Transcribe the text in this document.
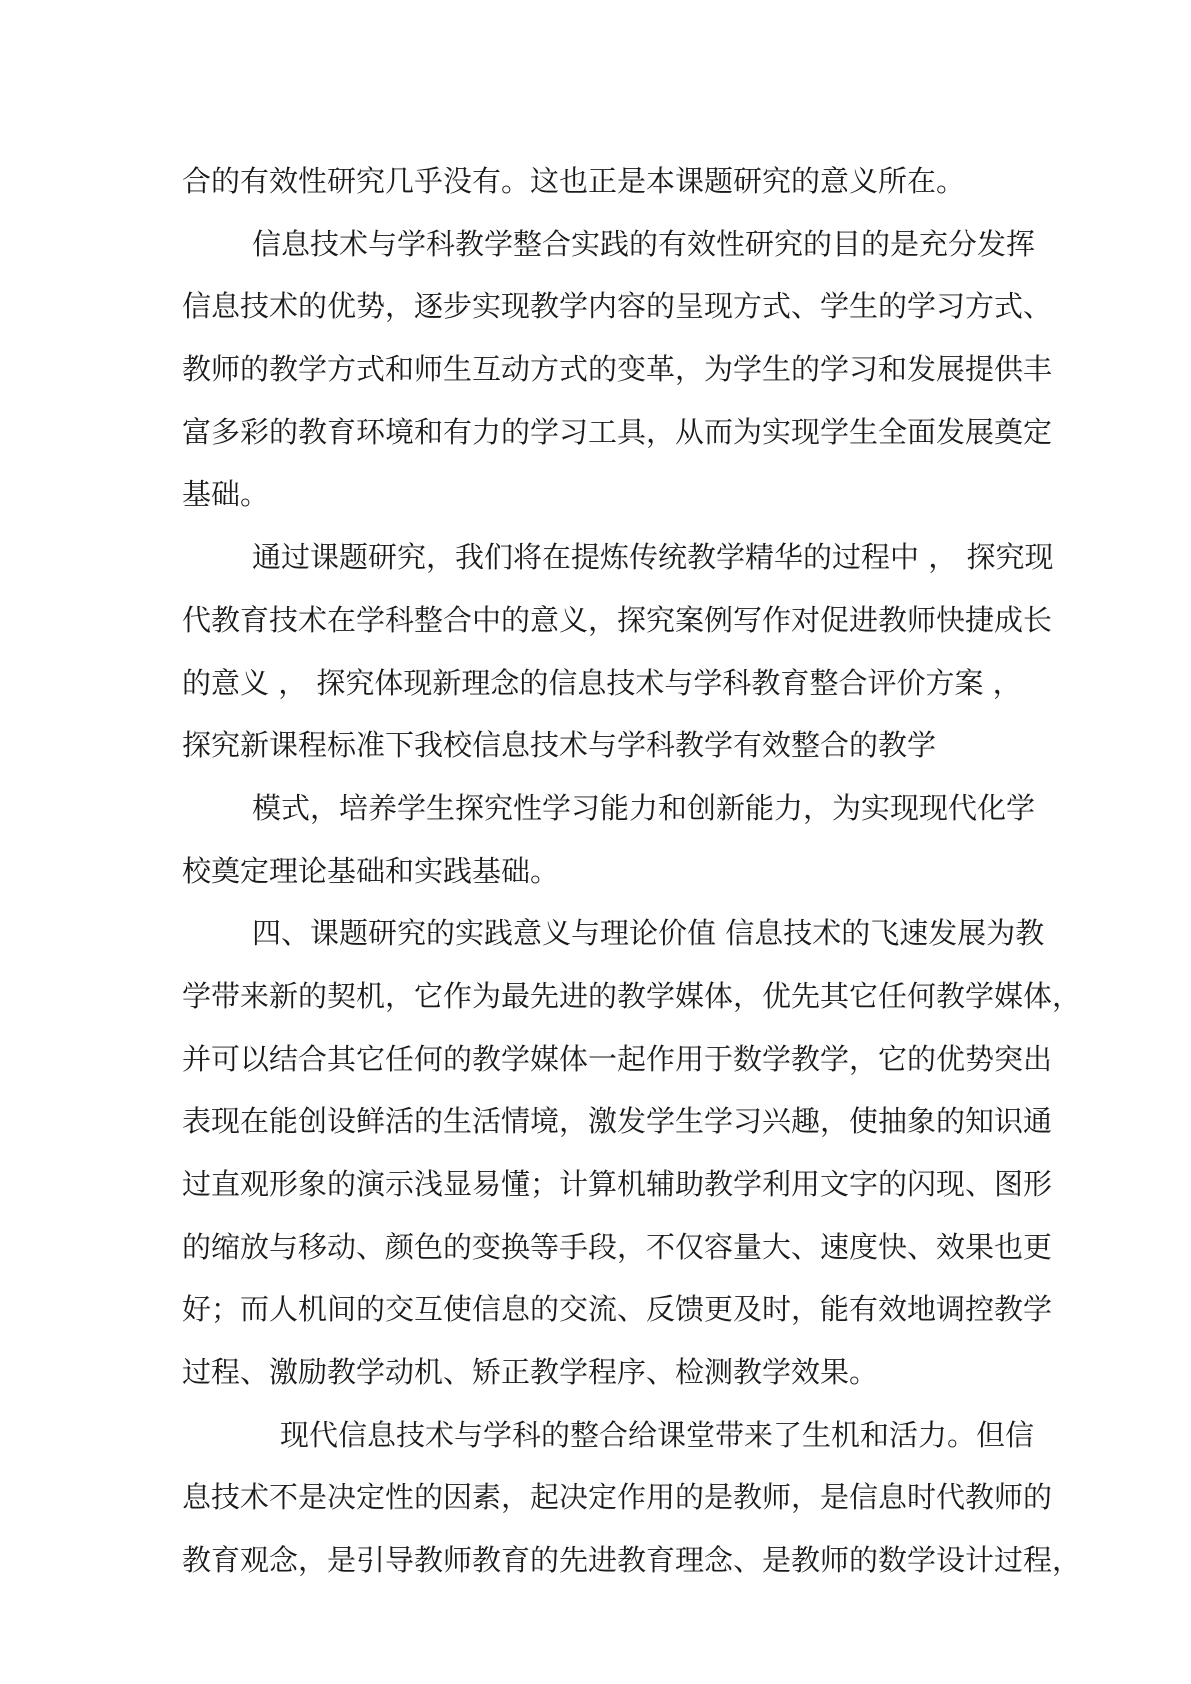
合的有效性研究几乎没有。这也正是本课题研究的意义所在。
信息技术与学科教学整合实践的有效性研究的目的是充分发挥
信息技术的优势，逐步实现教学内容的呈现方式、学生的学习方式、
教师的教学方式和师生互动方式的变革，为学生的学习和发展提供丰
富多彩的教育环境和有力的学习工具，从而为实现学生全面发展奠定
基础。
通过课题研究，我们将在提炼传统教学精华的过程中 ， 探究现
代教育技术在学科整合中的意义，探究案例写作对促进教师快捷成长
的意义 ， 探究体现新理念的信息技术与学科教育整合评价方案 ，
探究新课程标准下我校信息技术与学科教学有效整合的教学
模式，培养学生探究性学习能力和创新能力，为实现现代化学
校奠定理论基础和实践基础。
四、课题研究的实践意义与理论价值 信息技术的飞速发展为教
学带来新的契机，它作为最先进的教学媒体，优先其它任何教学媒体，
并可以结合其它任何的教学媒体一起作用于数学教学，它的优势突出
表现在能创设鲜活的生活情境，激发学生学习兴趣，使抽象的知识通
过直观形象的演示浅显易懂；计算机辅助教学利用文字的闪现、图形
的缩放与移动、颜色的变换等手段，不仅容量大、速度快、效果也更
好；而人机间的交互使信息的交流、反馈更及时，能有效地调控教学
过程、激励教学动机、矫正教学程序、检测教学效果。
现代信息技术与学科的整合给课堂带来了生机和活力。但信
息技术不是决定性的因素，起决定作用的是教师，是信息时代教师的
教育观念，是引导教师教育的先进教育理念、是教师的数学设计过程，
